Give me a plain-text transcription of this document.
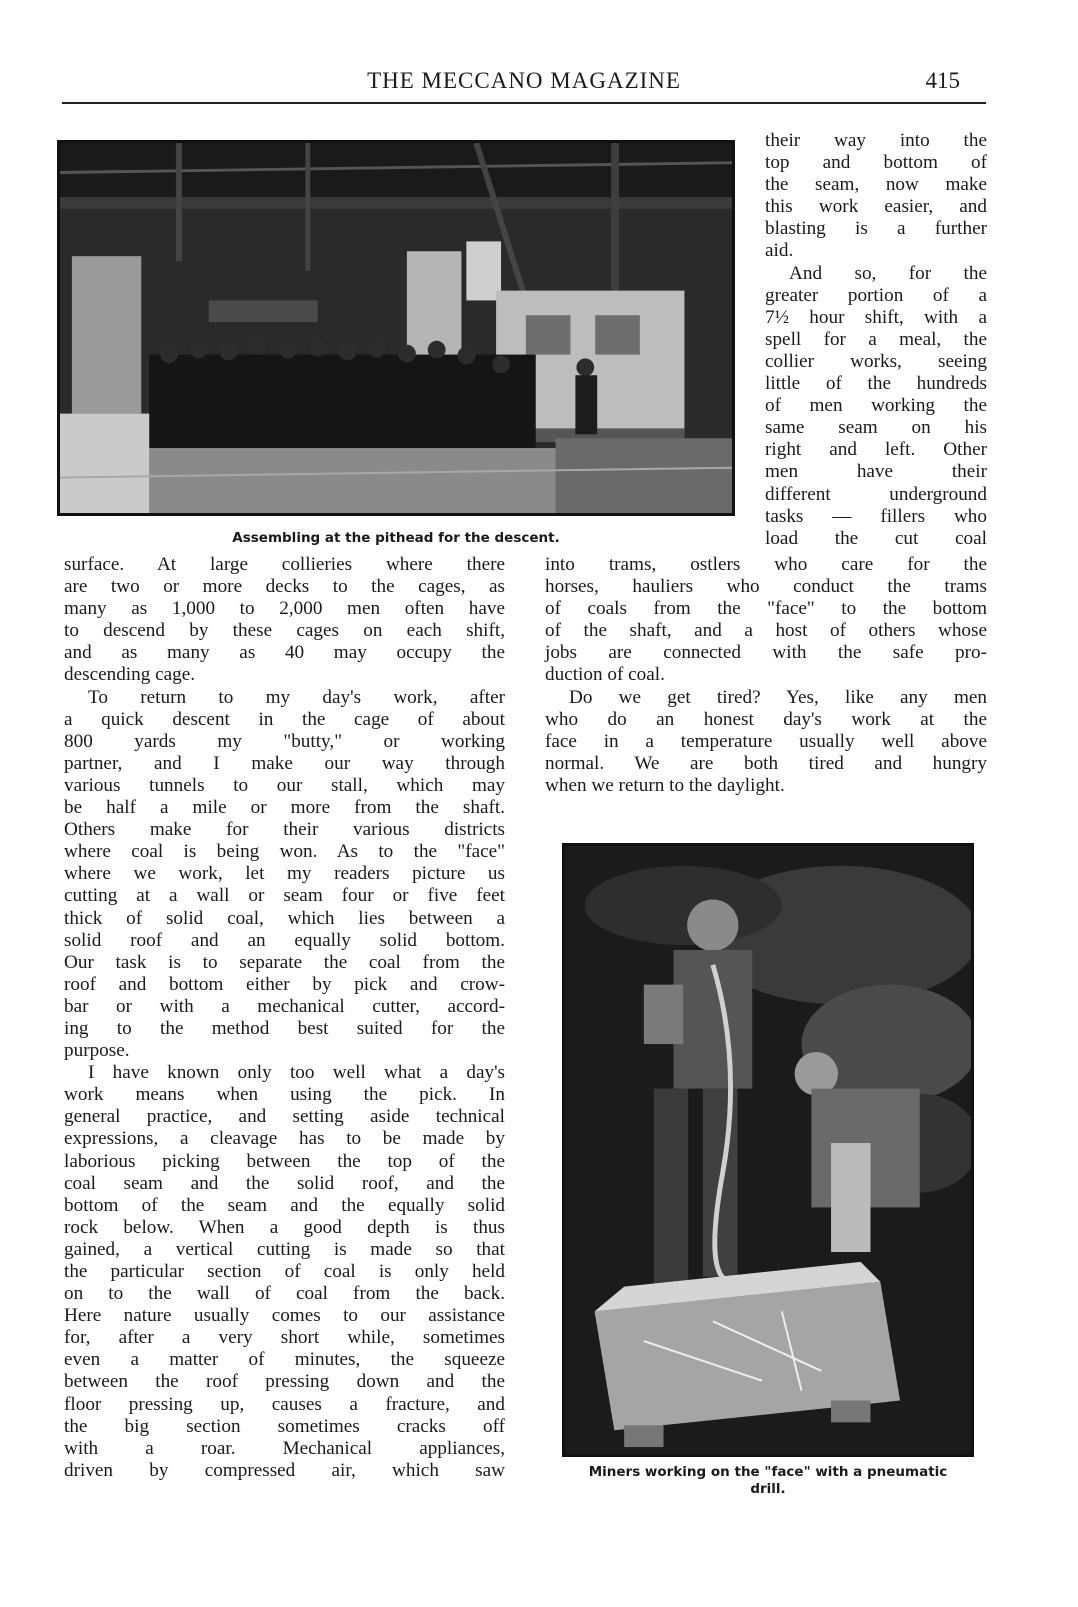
THE MECCANO MAGAZINE	415
Assembling at the pithead for the descent.
their way into the
top and bottom of
the seam, now make
this work easier, and
blasting is a further
aid.
And so, for the
greater portion of a
7½ hour shift, with a
spell for a meal, the
collier works, seeing
little of the hundreds
of men working the
same seam on his
right and left. Other
men have their
different underground
tasks — fillers who
load the cut coal
surface. At large collieries where there
are two or more decks to the cages, as
many as 1,000 to 2,000 men often have
to descend by these cages on each shift,
and as many as 40 may occupy the
descending cage.
To return to my day's work, after
a quick descent in the cage of about
800 yards my "butty," or working
partner, and I make our way through
various tunnels to our stall, which may
be half a mile or more from the shaft.
Others make for their various districts
where coal is being won. As to the "face"
where we work, let my readers picture us
cutting at a wall or seam four or five feet
thick of solid coal, which lies between a
solid roof and an equally solid bottom.
Our task is to separate the coal from the
roof and bottom either by pick and crow-
bar or with a mechanical cutter, accord-
ing to the method best suited for the
purpose.
I have known only too well what a day's
work means when using the pick. In
general practice, and setting aside technical
expressions, a cleavage has to be made by
laborious picking between the top of the
coal seam and the solid roof, and the
bottom of the seam and the equally solid
rock below. When a good depth is thus
gained, a vertical cutting is made so that
the particular section of coal is only held
on to the wall of coal from the back.
Here nature usually comes to our assistance
for, after a very short while, sometimes
even a matter of minutes, the squeeze
between the roof pressing down and the
floor pressing up, causes a fracture, and
the big section sometimes cracks off
with a roar. Mechanical appliances,
driven by compressed air, which saw
into trams, ostlers who care for the
horses, hauliers who conduct the trams
of coals from the "face" to the bottom
of the shaft, and a host of others whose
jobs are connected with the safe pro-
duction of coal.
Do we get tired? Yes, like any men
who do an honest day's work at the
face in a temperature usually well above
normal. We are both tired and hungry
when we return to the daylight.
Miners working on the "face" with a pneumatic
drill.
